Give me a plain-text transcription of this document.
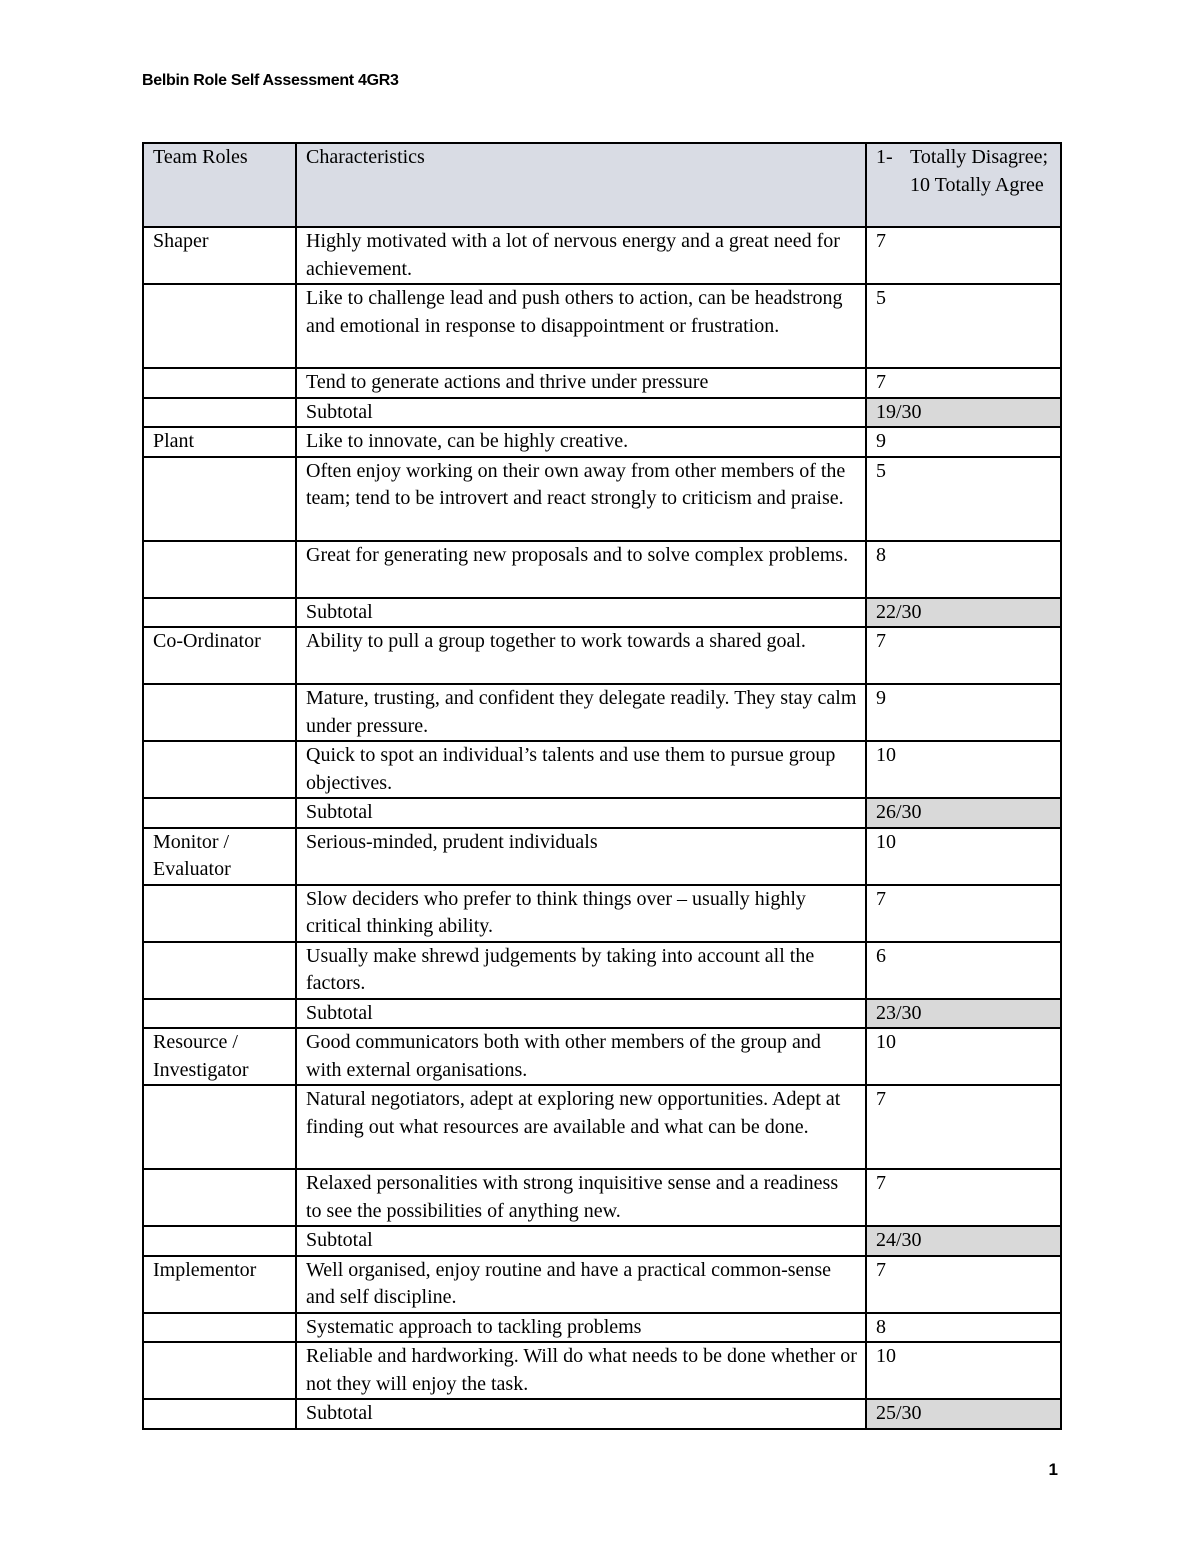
Belbin Role Self Assessment 4GR3
Team Roles	Characteristics	1- Totally Disagree; 10 Totally Agree

Shaper	Highly motivated with a lot of nervous energy and a great need for achievement.	7
	Like to challenge lead and push others to action, can be headstrong and emotional in response to disappointment or frustration.	5
	Tend to generate actions and thrive under pressure	7
	Subtotal	19/30
Plant	Like to innovate, can be highly creative.	9
	Often enjoy working on their own away from other members of the team; tend to be introvert and react strongly to criticism and praise.	5
	Great for generating new proposals and to solve complex problems.	8
	Subtotal	22/30
Co-Ordinator	Ability to pull a group together to work towards a shared goal.	7
	Mature, trusting, and confident they delegate readily. They stay calm under pressure.	9
	Quick to spot an individual’s talents and use them to pursue group objectives.	10
	Subtotal	26/30
Monitor / Evaluator	Serious-minded, prudent individuals	10
	Slow deciders who prefer to think things over – usually highly critical thinking ability.	7
	Usually make shrewd judgements by taking into account all the factors.	6
	Subtotal	23/30
Resource / Investigator	Good communicators both with other members of the group and with external organisations.	10
	Natural negotiators, adept at exploring new opportunities. Adept at finding out what resources are available and what can be done.	7
	Relaxed personalities with strong inquisitive sense and a readiness to see the possibilities of anything new.	7
	Subtotal	24/30
Implementor	Well organised, enjoy routine and have a practical common-sense and self discipline.	7
	Systematic approach to tackling problems	8
	Reliable and hardworking. Will do what needs to be done whether or not they will enjoy the task.	10
	Subtotal	25/30
1
